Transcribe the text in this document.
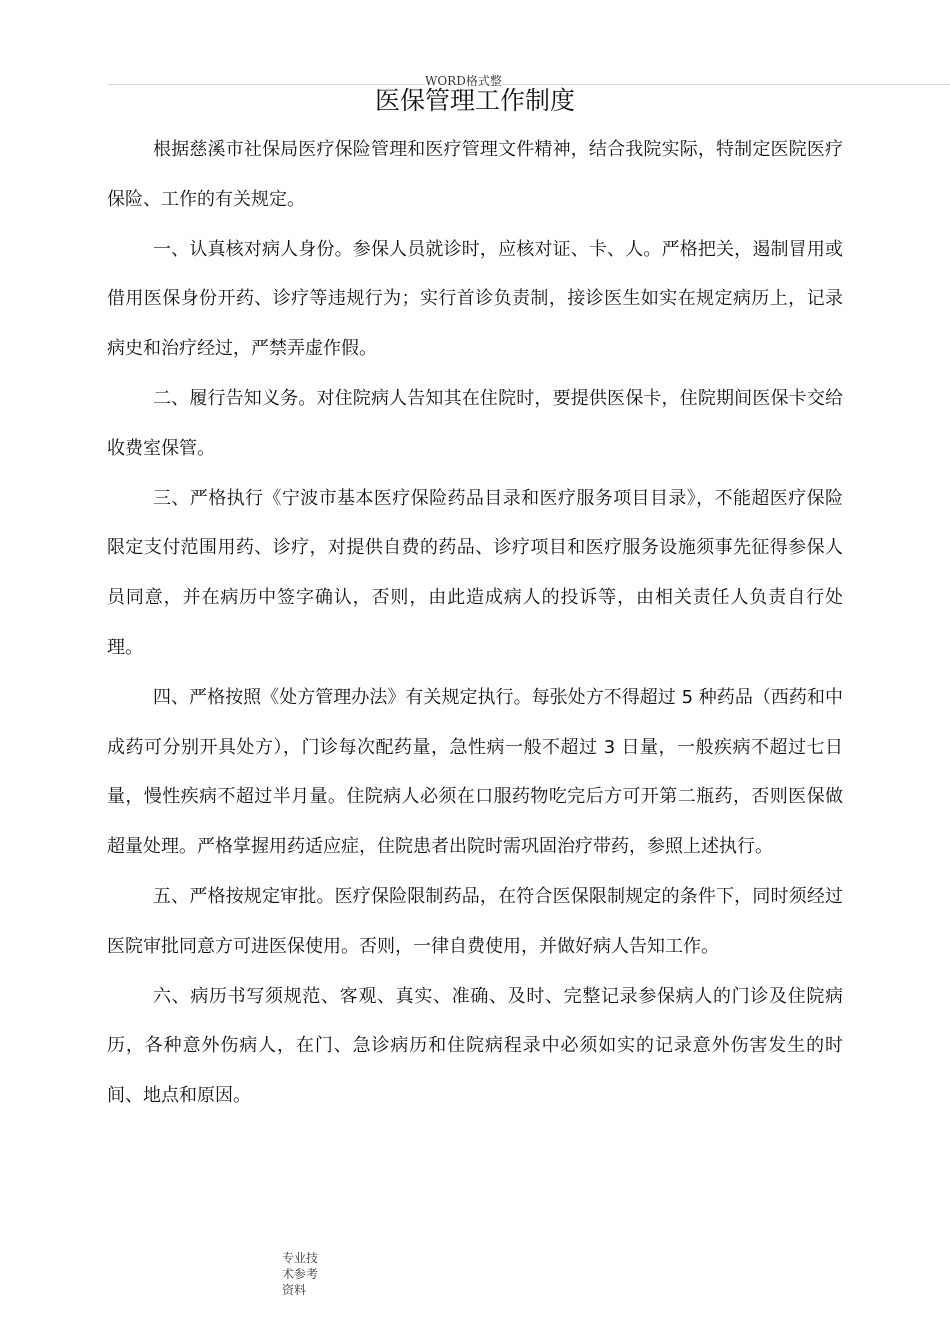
WORD格式整
医保管理工作制度

根据慈溪市社保局医疗保险管理和医疗管理文件精神，结合我院实际，特制定医院医疗保险、工作的有关规定。

一、认真核对病人身份。参保人员就诊时，应核对证、卡、人。严格把关，遏制冒用或借用医保身份开药、诊疗等违规行为；实行首诊负责制，接诊医生如实在规定病历上，记录病史和治疗经过，严禁弄虚作假。

二、履行告知义务。对住院病人告知其在住院时，要提供医保卡，住院期间医保卡交给收费室保管。

三、严格执行《宁波市基本医疗保险药品目录和医疗服务项目目录》，不能超医疗保险限定支付范围用药、诊疗，对提供自费的药品、诊疗项目和医疗服务设施须事先征得参保人员同意，并在病历中签字确认，否则，由此造成病人的投诉等，由相关责任人负责自行处理。

四、严格按照《处方管理办法》有关规定执行。每张处方不得超过 5 种药品（西药和中成药可分别开具处方），门诊每次配药量，急性病一般不超过 3 日量，一般疾病不超过七日量，慢性疾病不超过半月量。住院病人必须在口服药物吃完后方可开第二瓶药，否则医保做超量处理。严格掌握用药适应症，住院患者出院时需巩固治疗带药，参照上述执行。

五、严格按规定审批。医疗保险限制药品，在符合医保限制规定的条件下，同时须经过医院审批同意方可进医保使用。否则，一律自费使用，并做好病人告知工作。

六、病历书写须规范、客观、真实、准确、及时、完整记录参保病人的门诊及住院病历，各种意外伤病人，在门、急诊病历和住院病程录中必须如实的记录意外伤害发生的时间、地点和原因。

专业技
术参考
资料
